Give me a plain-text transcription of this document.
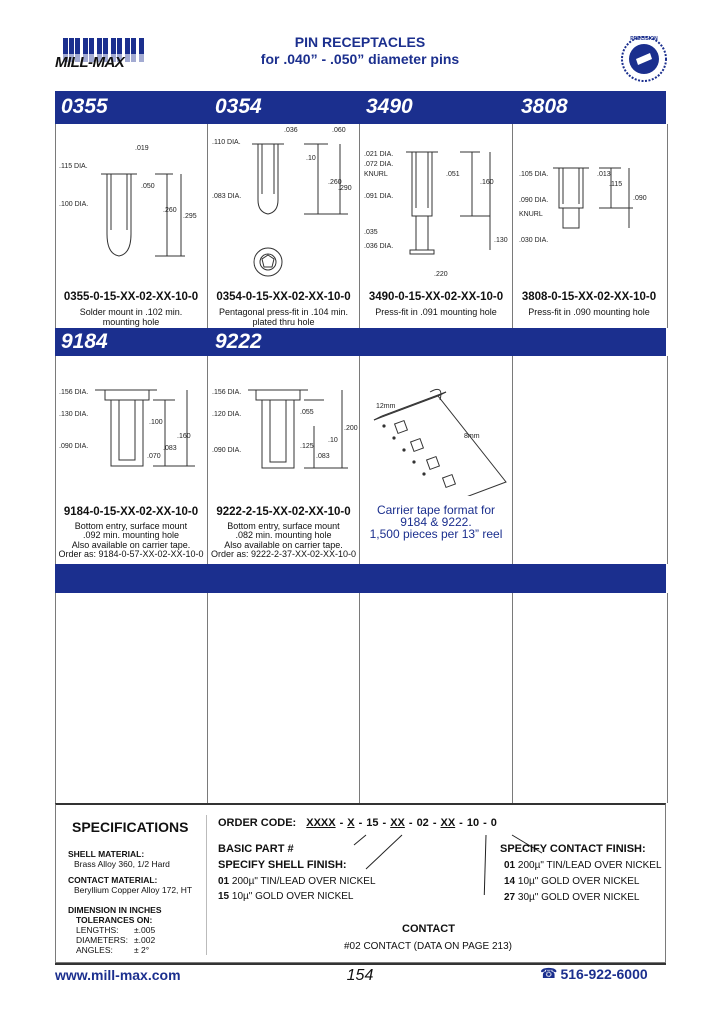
MILL-MAX
PIN RECEPTACLES
for .040” - .050” diameter pins
PRECISION
0355	0354	3490	3808
.019
.115 DIA.
.050
.100 DIA.
.260
.295
0355-0-15-XX-02-XX-10-0
Solder mount in .102 min.
mounting hole
.036	.060
.110 DIA.
.10
.260
.290
.083 DIA.
0354-0-15-XX-02-XX-10-0
Pentagonal press-fit in .104 min.
plated thru hole
.021 DIA.
.072 DIA.
KNURL	.051
.160
.091 DIA.
.035
.036 DIA.
.130
.220
3490-0-15-XX-02-XX-10-0
Press-fit in .091 mounting hole
.105 DIA.	.013
.115
.090
.090 DIA.
KNURL
.030 DIA.
3808-0-15-XX-02-XX-10-0
Press-fit in .090 mounting hole
9184	9222
.156 DIA.
.130 DIA.
.100
.090 DIA.
.160
.070
.083
9184-0-15-XX-02-XX-10-0
Bottom entry, surface mount
.092 min. mounting hole
Also available on carrier tape.
Order as: 9184-0-57-XX-02-XX-10-0
.156 DIA.
.120 DIA.	.055
.090 DIA.
.125
.083
.200
.10
9222-2-15-XX-02-XX-10-0
Bottom entry, surface mount
.082 min. mounting hole
Also available on carrier tape.
Order as: 9222-2-37-XX-02-XX-10-0
12mm
8mm
Carrier tape format for
9184 & 9222.
1,500 pieces per 13” reel
SPECIFICATIONS
SHELL MATERIAL:
Brass Alloy 360, 1/2 Hard
CONTACT MATERIAL:
Beryllium Copper Alloy 172, HT
DIMENSION IN INCHES
TOLERANCES ON:
LENGTHS:	±.005
DIAMETERS: ±.002
ANGLES:	± 2°
ORDER CODE: XXXX - X - 15 - XX - 02 - XX - 10 - 0
BASIC PART #
SPECIFY SHELL FINISH:
01 200µ" TIN/LEAD OVER NICKEL
15 10µ" GOLD OVER NICKEL
SPECIFY CONTACT FINISH:
01 200µ" TIN/LEAD OVER NICKEL
14 10µ" GOLD OVER NICKEL
27 30µ" GOLD OVER NICKEL
CONTACT
#02 CONTACT (DATA ON PAGE 213)
www.mill-max.com	154	☎ 516-922-6000
